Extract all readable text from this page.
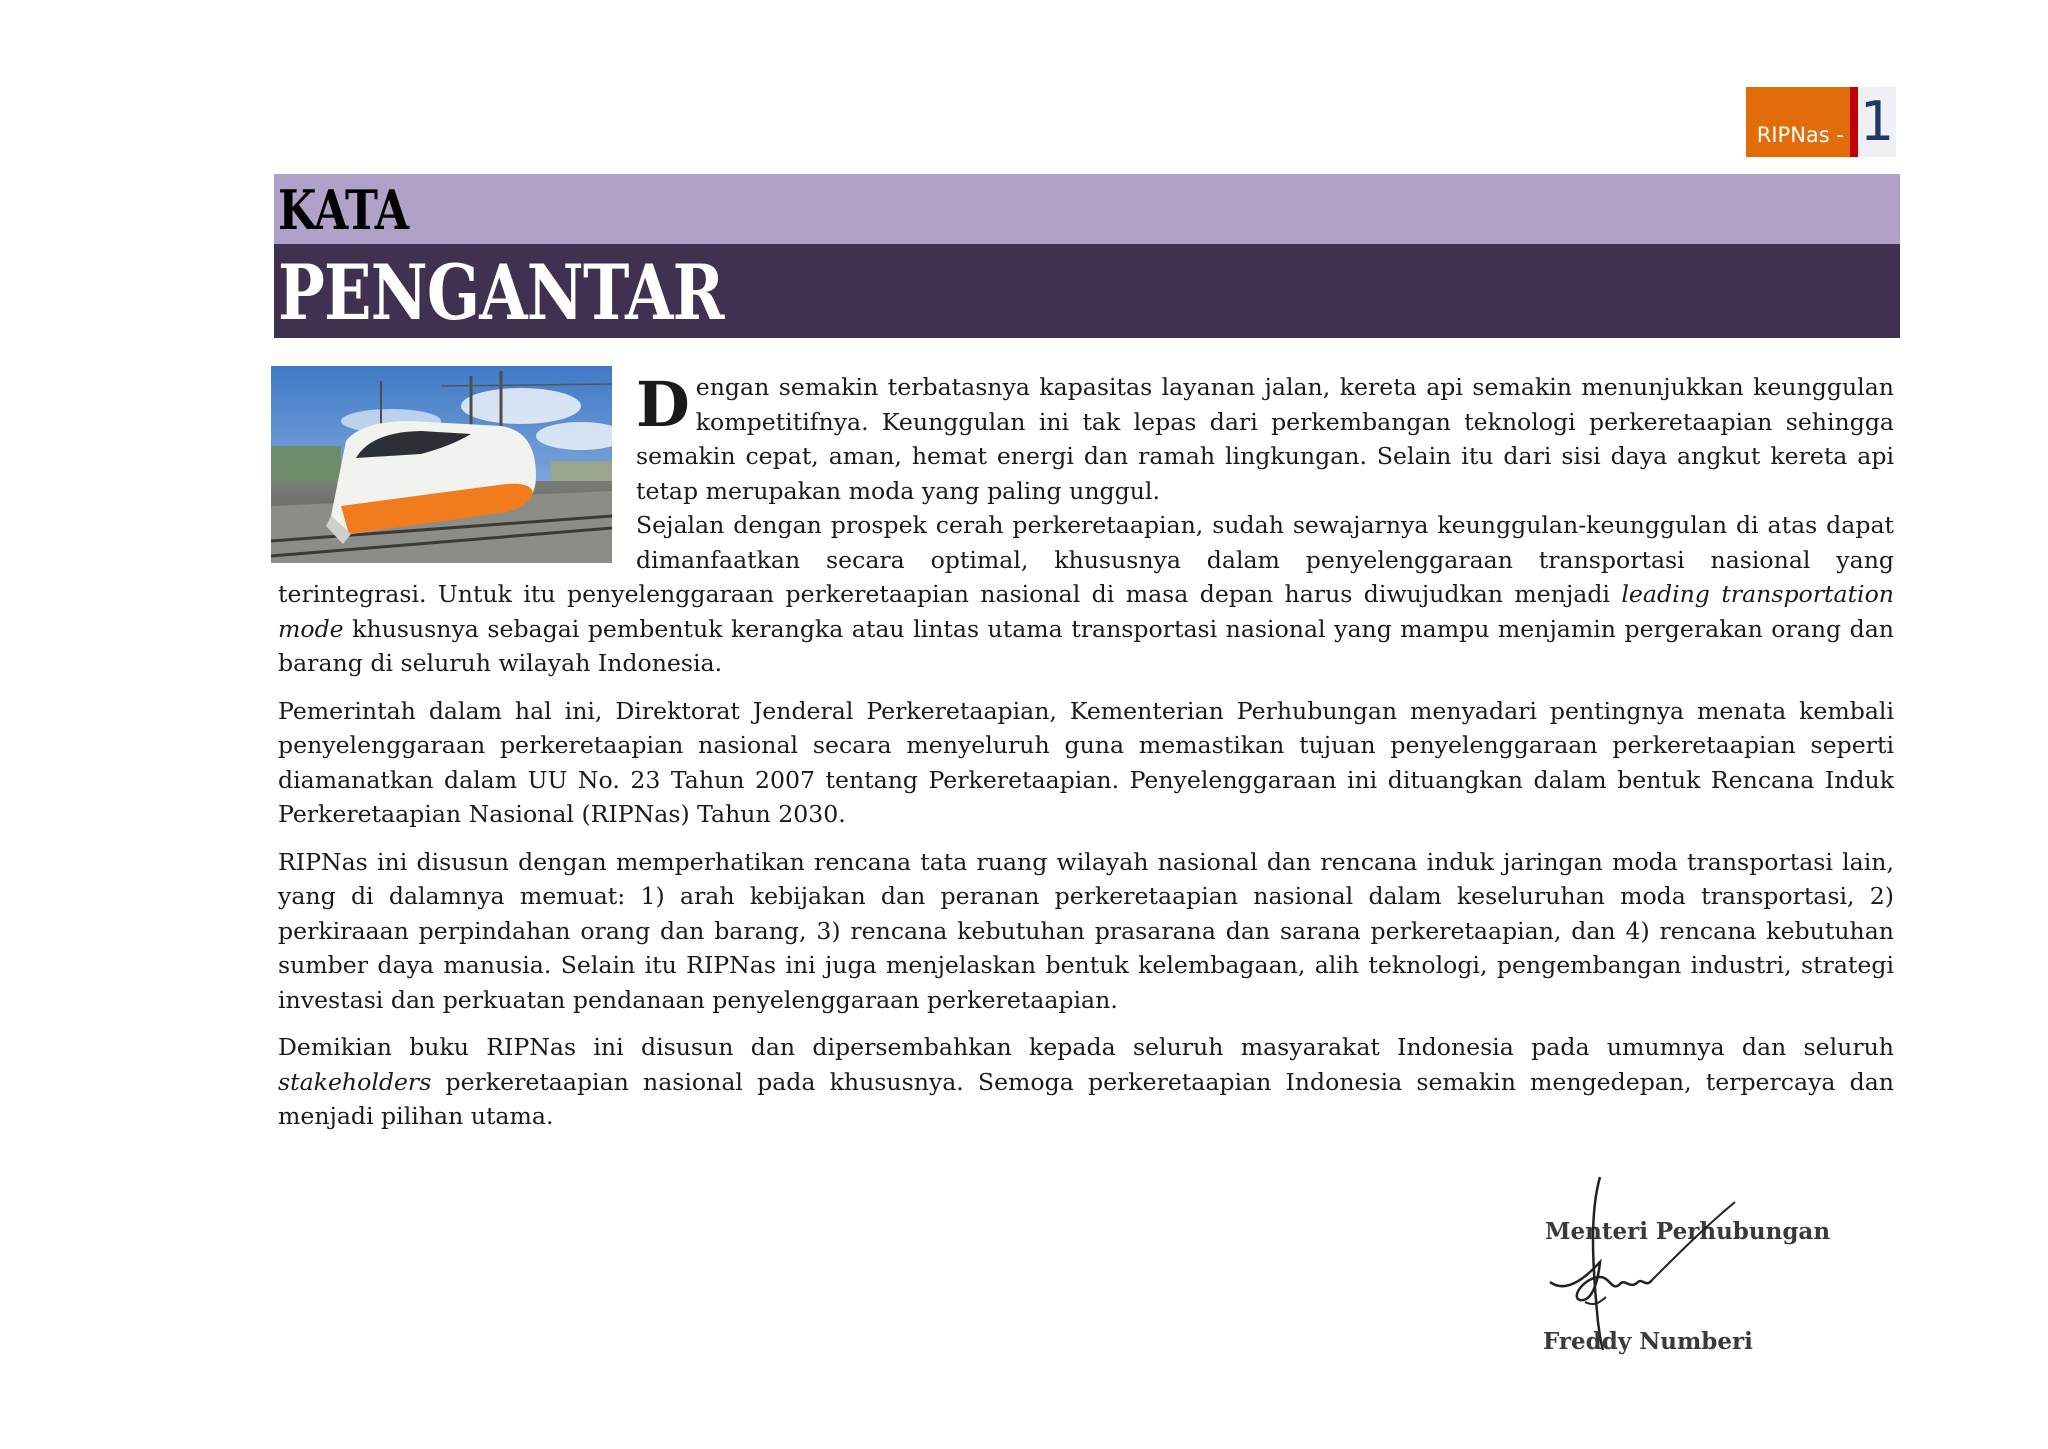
RIPNas - 1
KATA
PENGANTAR

Dengan semakin terbatasnya kapasitas layanan jalan, kereta api semakin menunjukkan keunggulan kompetitifnya. Keunggulan ini tak lepas dari perkembangan teknologi perkeretaapian sehingga semakin cepat, aman, hemat energi dan ramah lingkungan. Selain itu dari sisi daya angkut kereta api tetap merupakan moda yang paling unggul.

Sejalan dengan prospek cerah perkeretaapian, sudah sewajarnya keunggulan-keunggulan di atas dapat dimanfaatkan secara optimal, khususnya dalam penyelenggaraan transportasi nasional yang terintegrasi. Untuk itu penyelenggaraan perkeretaapian nasional di masa depan harus diwujudkan menjadi leading transportation mode khususnya sebagai pembentuk kerangka atau lintas utama transportasi nasional yang mampu menjamin pergerakan orang dan barang di seluruh wilayah Indonesia.

Pemerintah dalam hal ini, Direktorat Jenderal Perkeretaapian, Kementerian Perhubungan menyadari pentingnya menata kembali penyelenggaraan perkeretaapian nasional secara menyeluruh guna memastikan tujuan penyelenggaraan perkeretaapian seperti diamanatkan dalam UU No. 23 Tahun 2007 tentang Perkeretaapian. Penyelenggaraan ini dituangkan dalam bentuk Rencana Induk Perkeretaapian Nasional (RIPNas) Tahun 2030.

RIPNas ini disusun dengan memperhatikan rencana tata ruang wilayah nasional dan rencana induk jaringan moda transportasi lain, yang di dalamnya memuat: 1) arah kebijakan dan peranan perkeretaapian nasional dalam keseluruhan moda transportasi, 2) perkiraaan perpindahan orang dan barang, 3) rencana kebutuhan prasarana dan sarana perkeretaapian, dan 4) rencana kebutuhan sumber daya manusia. Selain itu RIPNas ini juga menjelaskan bentuk kelembagaan, alih teknologi, pengembangan industri, strategi investasi dan perkuatan pendanaan penyelenggaraan perkeretaapian.

Demikian buku RIPNas ini disusun dan dipersembahkan kepada seluruh masyarakat Indonesia pada umumnya dan seluruh stakeholders perkeretaapian nasional pada khususnya. Semoga perkeretaapian Indonesia semakin mengedepan, terpercaya dan menjadi pilihan utama.

Menteri Perhubungan
Freddy Numberi
